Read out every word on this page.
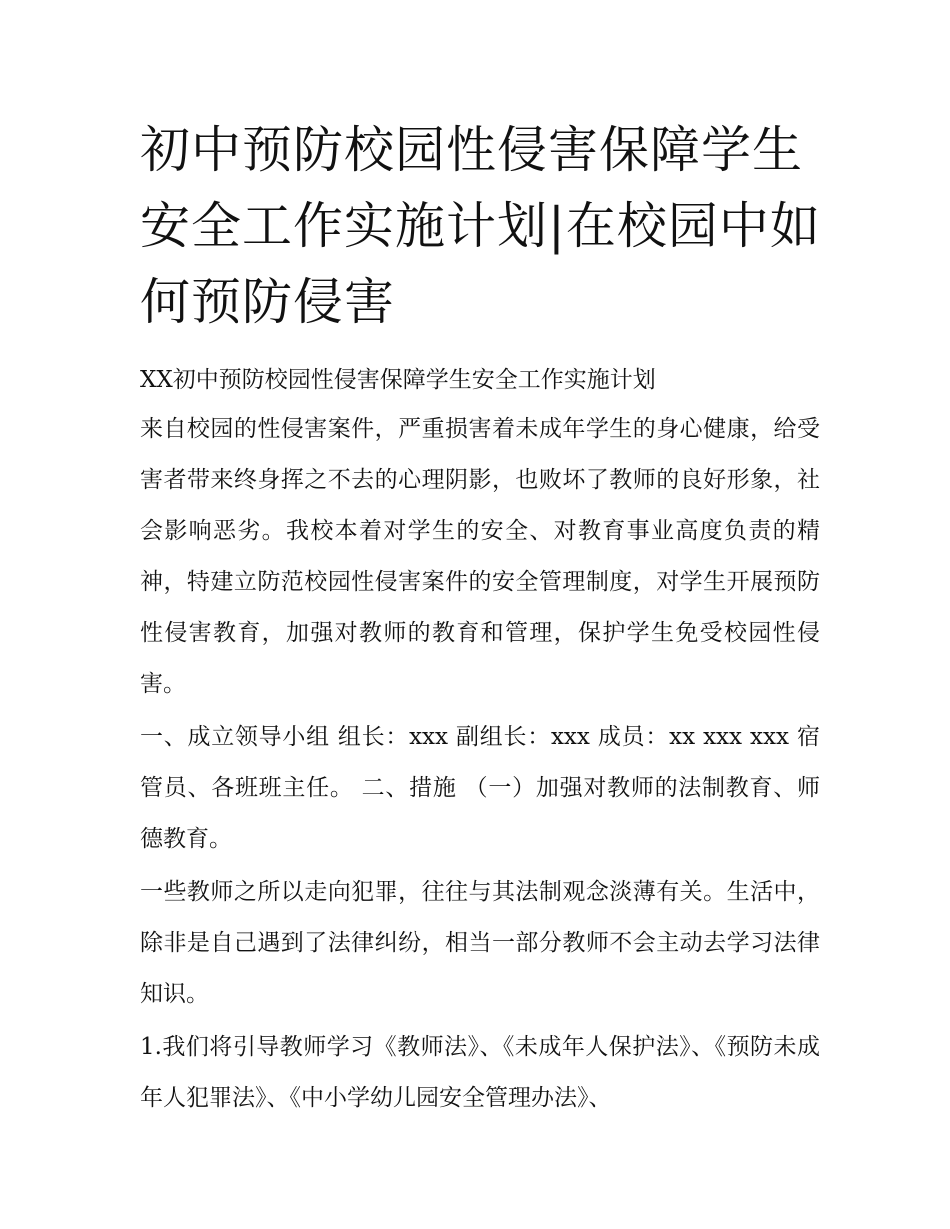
初中预防校园性侵害保障学生安全工作实施计划|在校园中如何预防侵害
XX初中预防校园性侵害保障学生安全工作实施计划

来自校园的性侵害案件，严重损害着未成年学生的身心健康，给受害者带来终身挥之不去的心理阴影，也败坏了教师的良好形象，社会影响恶劣。我校本着对学生的安全、对教育事业高度负责的精神，特建立防范校园性侵害案件的安全管理制度，对学生开展预防性侵害教育，加强对教师的教育和管理，保护学生免受校园性侵害。

一、成立领导小组 组长：xxx 副组长：xxx 成员：xx xxx xxx 宿管员、各班班主任。 二、措施 （一）加强对教师的法制教育、师德教育。

一些教师之所以走向犯罪，往往与其法制观念淡薄有关。生活中，除非是自己遇到了法律纠纷，相当一部分教师不会主动去学习法律知识。

1.我们将引导教师学习《教师法》、《未成年人保护法》、《预防未成年人犯罪法》、《中小学幼儿园安全管理办法》、
